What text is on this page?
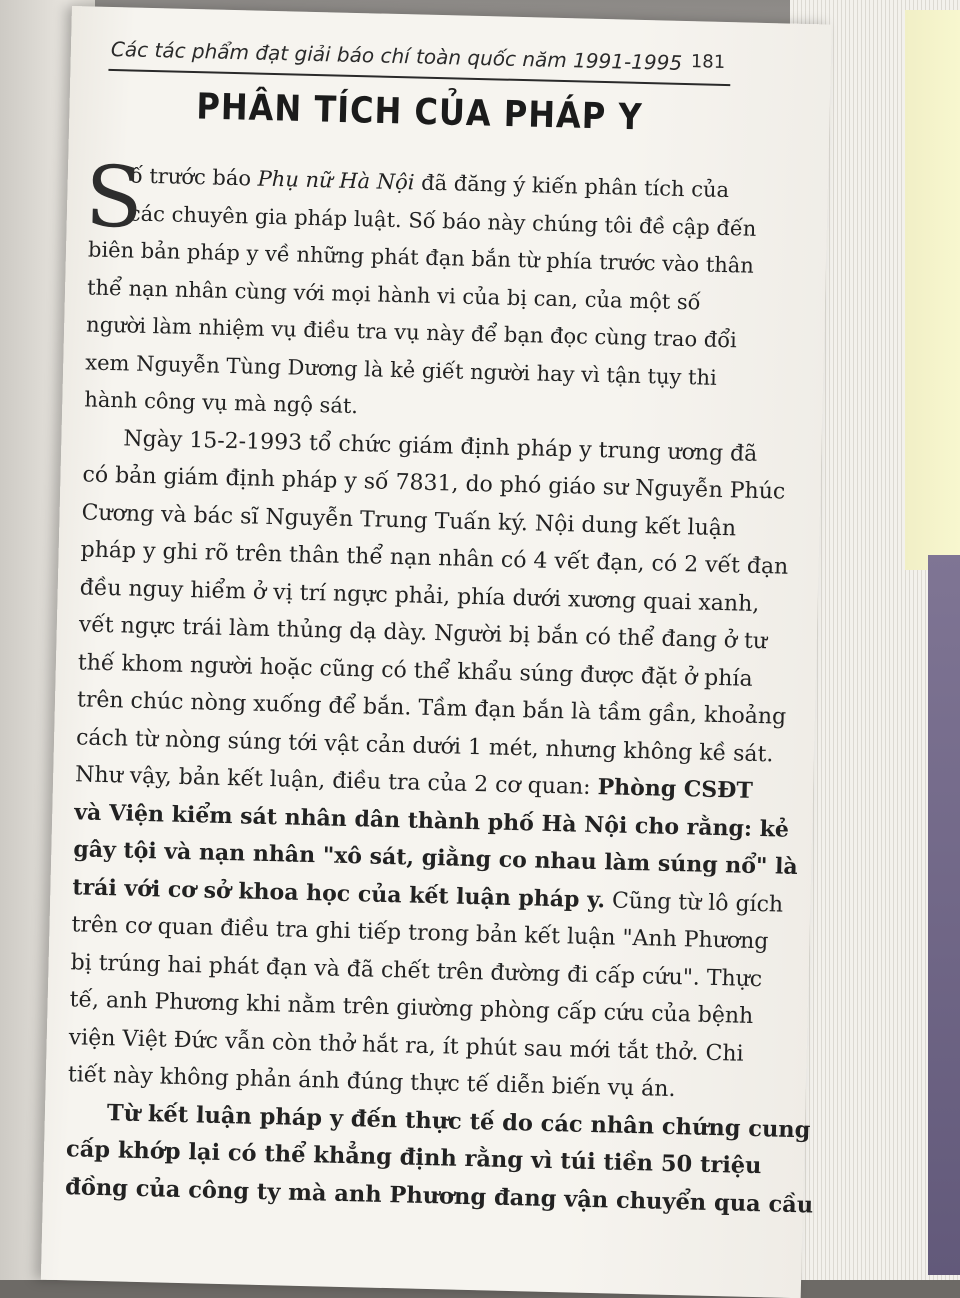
Các tác phẩm đạt giải báo chí toàn quốc năm 1991-1995 181
PHÂN TÍCH CỦA PHÁP Y
S
ố trước báo Phụ nữ Hà Nội đã đăng ý kiến phân tích của
các chuyên gia pháp luật. Số báo này chúng tôi đề cập đến
biên bản pháp y về những phát đạn bắn từ phía trước vào thân
thể nạn nhân cùng với mọi hành vi của bị can, của một số
người làm nhiệm vụ điều tra vụ này để bạn đọc cùng trao đổi
xem Nguyễn Tùng Dương là kẻ giết người hay vì tận tụy thi
hành công vụ mà ngộ sát.
Ngày 15-2-1993 tổ chức giám định pháp y trung ương đã
có bản giám định pháp y số 7831, do phó giáo sư Nguyễn Phúc
Cương và bác sĩ Nguyễn Trung Tuấn ký. Nội dung kết luận
pháp y ghi rõ trên thân thể nạn nhân có 4 vết đạn, có 2 vết đạn
đều nguy hiểm ở vị trí ngực phải, phía dưới xương quai xanh,
vết ngực trái làm thủng dạ dày. Người bị bắn có thể đang ở tư
thế khom người hoặc cũng có thể khẩu súng được đặt ở phía
trên chúc nòng xuống để bắn. Tầm đạn bắn là tầm gần, khoảng
cách từ nòng súng tới vật cản dưới 1 mét, nhưng không kề sát.
Như vậy, bản kết luận, điều tra của 2 cơ quan: Phòng CSĐT
và Viện kiểm sát nhân dân thành phố Hà Nội cho rằng: kẻ
gây tội và nạn nhân "xô sát, giằng co nhau làm súng nổ" là
trái với cơ sở khoa học của kết luận pháp y. Cũng từ lô gích
trên cơ quan điều tra ghi tiếp trong bản kết luận "Anh Phương
bị trúng hai phát đạn và đã chết trên đường đi cấp cứu". Thực
tế, anh Phương khi nằm trên giường phòng cấp cứu của bệnh
viện Việt Đức vẫn còn thở hắt ra, ít phút sau mới tắt thở. Chi
tiết này không phản ánh đúng thực tế diễn biến vụ án.
Từ kết luận pháp y đến thực tế do các nhân chứng cung
cấp khớp lại có thể khẳng định rằng vì túi tiền 50 triệu
đồng của công ty mà anh Phương đang vận chuyển qua cầu
